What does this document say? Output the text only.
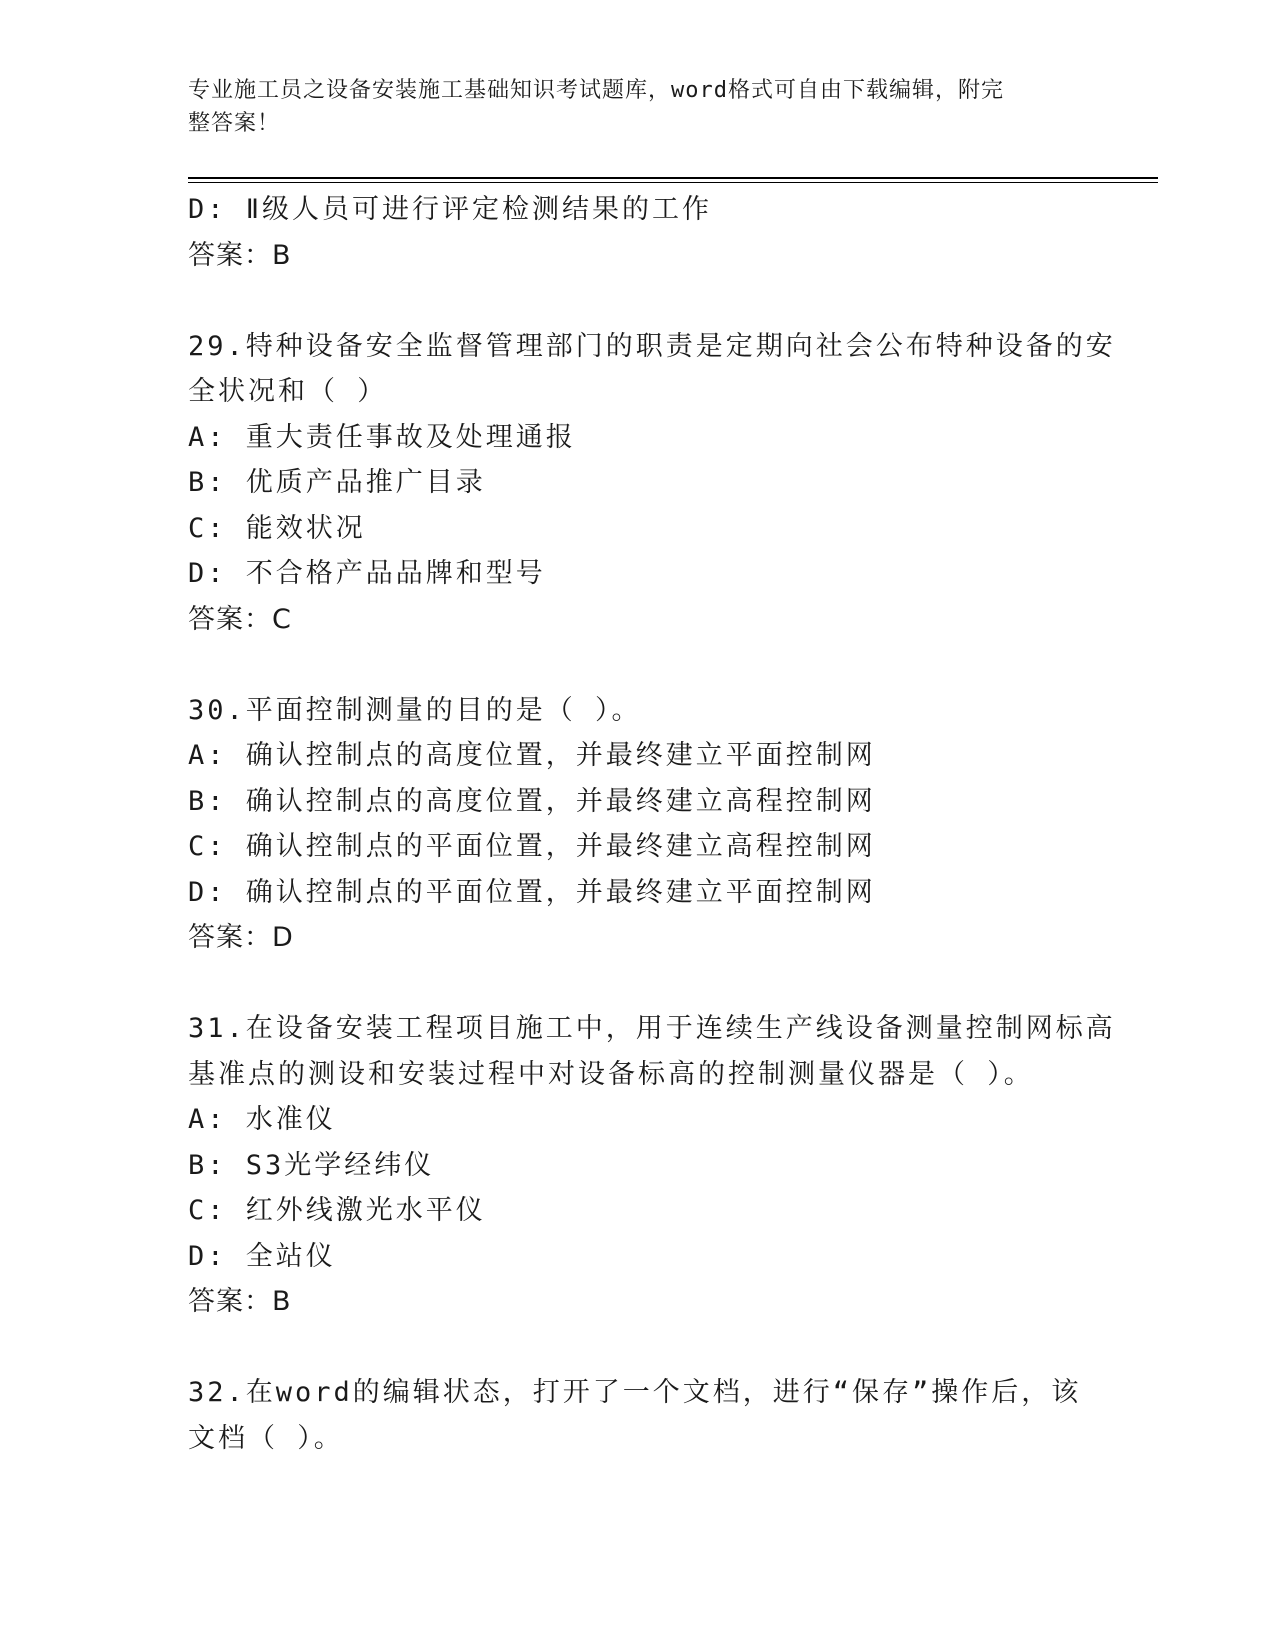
专业施工员之设备安装施工基础知识考试题库，word格式可自由下载编辑，附完
整答案！
D: Ⅱ级人员可进行评定检测结果的工作
答案：B
29.特种设备安全监督管理部门的职责是定期向社会公布特种设备的安
全状况和（ ）
A: 重大责任事故及处理通报
B: 优质产品推广目录
C: 能效状况
D: 不合格产品品牌和型号
答案：C
30.平面控制测量的目的是（ ）。
A: 确认控制点的高度位置，并最终建立平面控制网
B: 确认控制点的高度位置，并最终建立高程控制网
C: 确认控制点的平面位置，并最终建立高程控制网
D: 确认控制点的平面位置，并最终建立平面控制网
答案：D
31.在设备安装工程项目施工中，用于连续生产线设备测量控制网标高
基准点的测设和安装过程中对设备标高的控制测量仪器是（ ）。
A: 水准仪
B: S3光学经纬仪
C: 红外线激光水平仪
D: 全站仪
答案：B
32.在word的编辑状态，打开了一个文档，进行“保存”操作后，该
文档（ ）。
